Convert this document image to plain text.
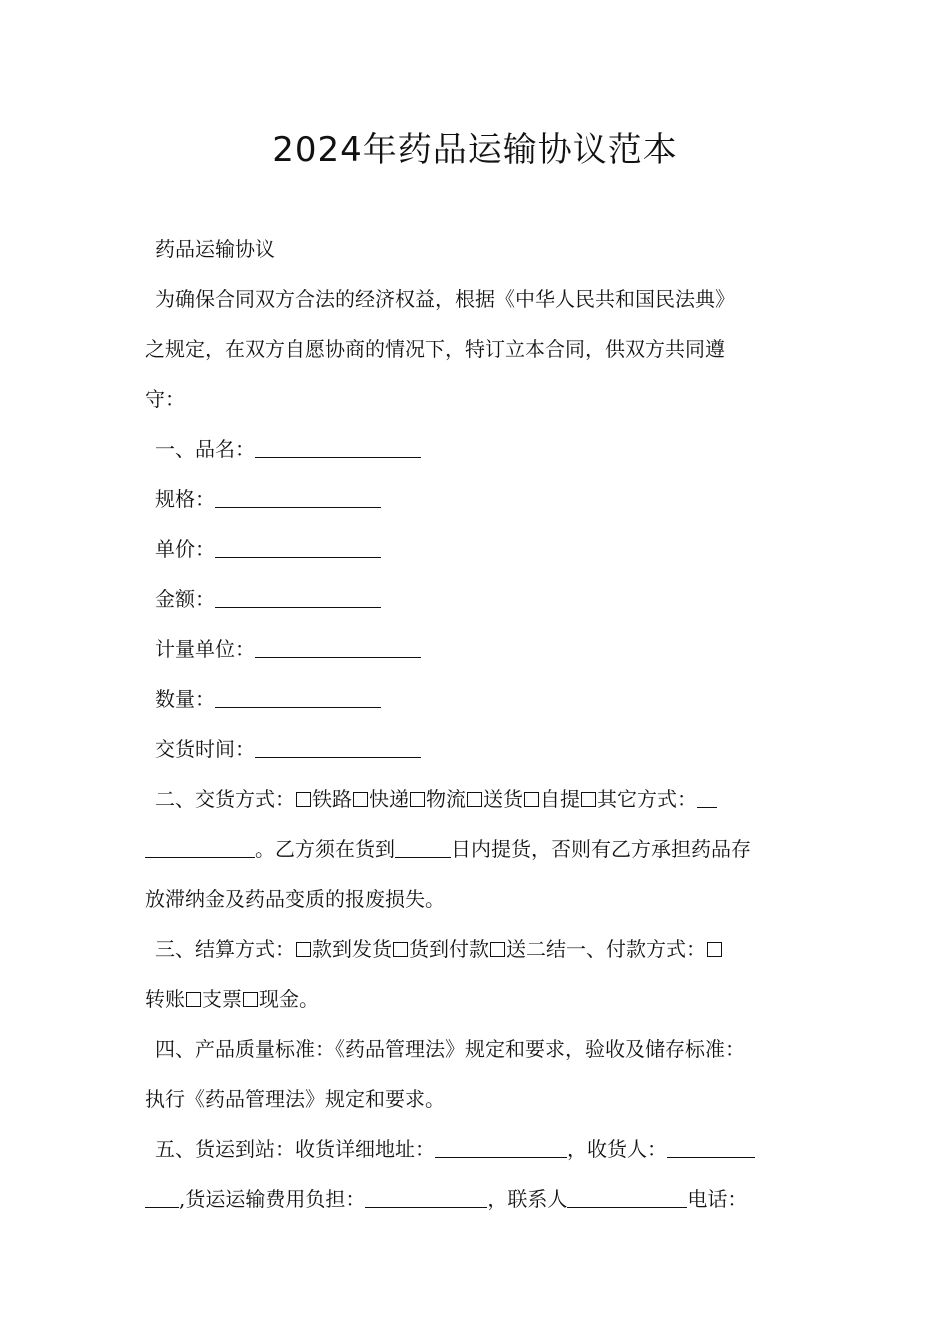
2024年药品运输协议范本
药品运输协议
为确保合同双方合法的经济权益，根据《中华人民共和国民法典》
之规定，在双方自愿协商的情况下，特订立本合同，供双方共同遵
守：
一、品名：
规格：
单价：
金额：
计量单位：
数量：
交货时间：
二、交货方式： 铁路 快递 物流 送货 自提 其它方式：
。乙方须在货到	日内提货，否则有乙方承担药品存
放滞纳金及药品变质的报废损失。
三、结算方式： 款到发货 货到付款 送二结一、付款方式：
转账 支票 现金。
四、产品质量标准：《药品管理法》规定和要求，验收及储存标准：
执行《药品管理法》规定和要求。
五、货运到站：收货详细地址：	，收货人：
,货运运输费用负担：	，联系人	电话：
